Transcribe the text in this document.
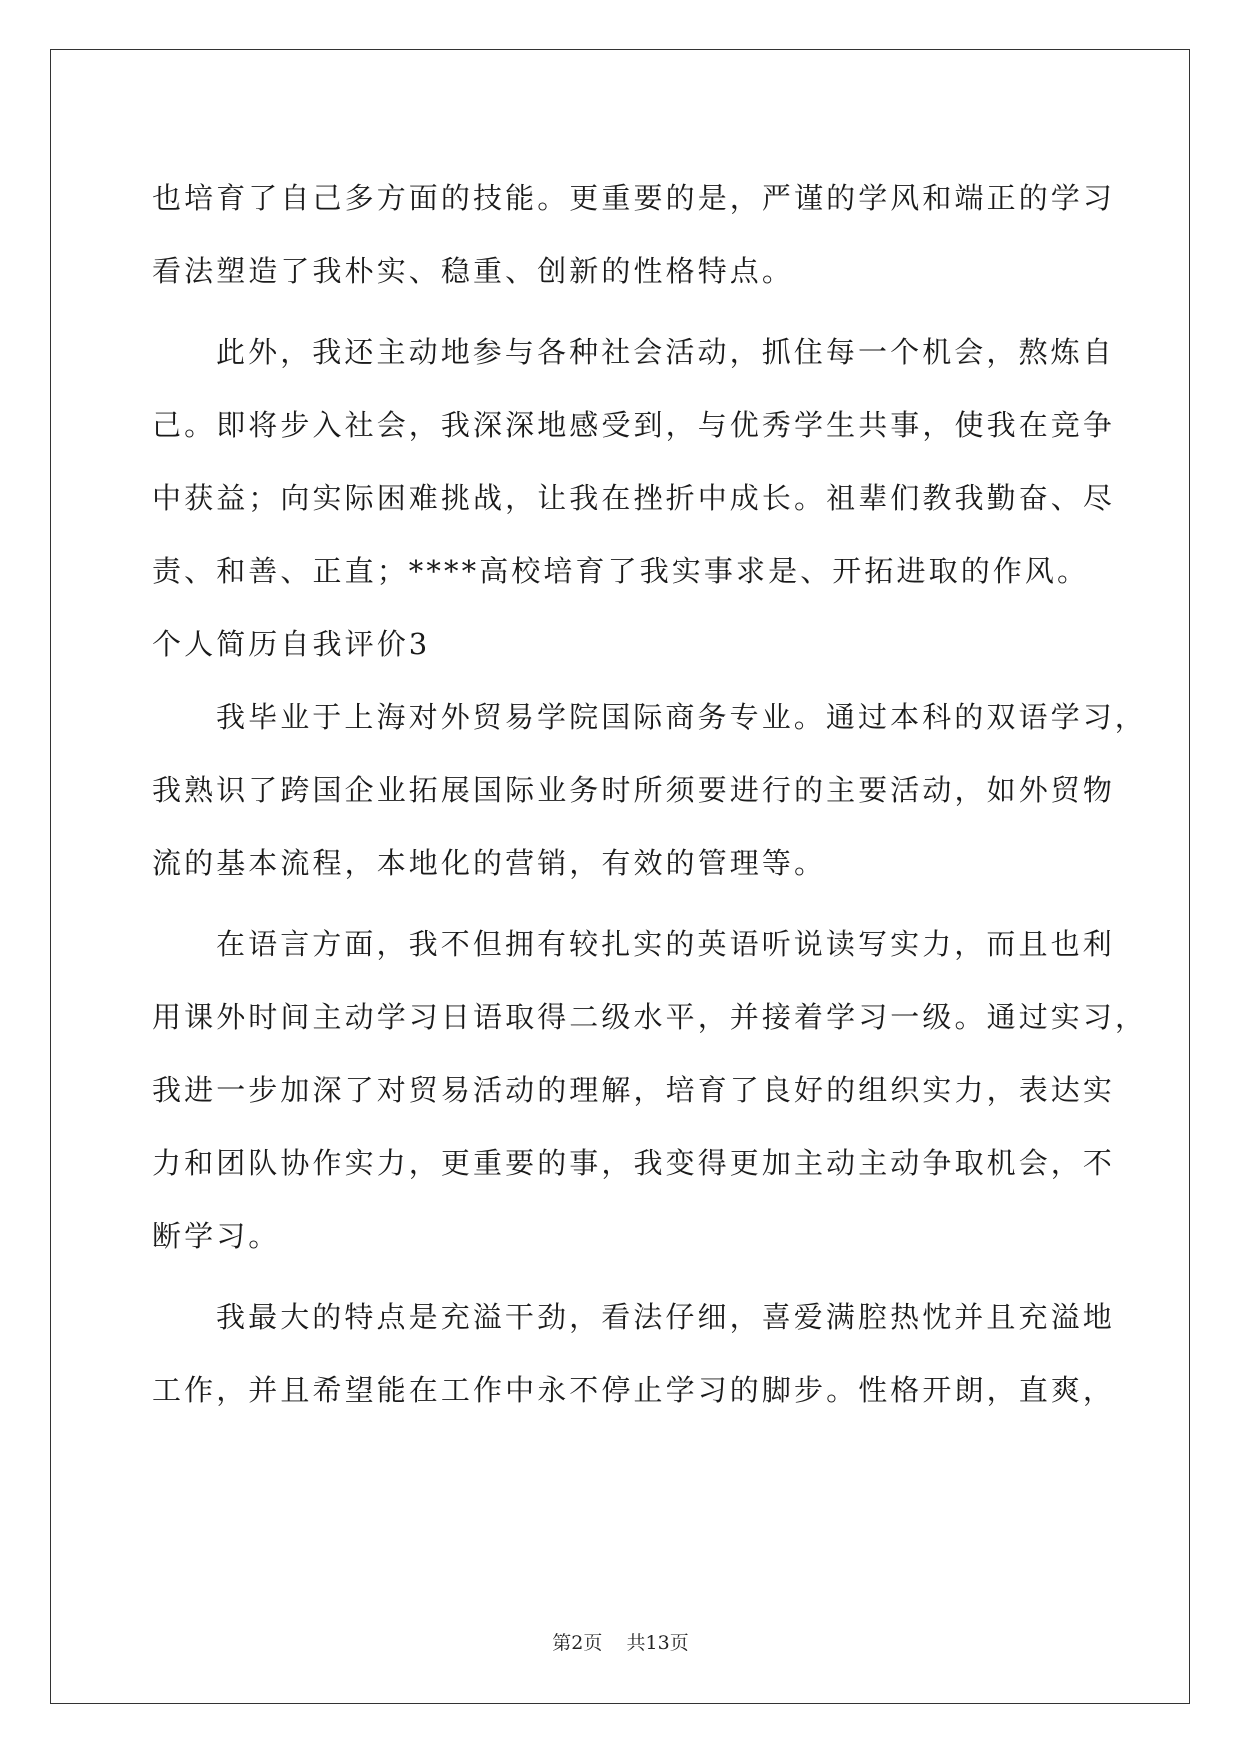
也培育了自己多方面的技能。更重要的是，严谨的学风和端正的学习
看法塑造了我朴实、稳重、创新的性格特点。
此外，我还主动地参与各种社会活动，抓住每一个机会，熬炼自
己。即将步入社会，我深深地感受到，与优秀学生共事，使我在竞争
中获益；向实际困难挑战，让我在挫折中成长。祖辈们教我勤奋、尽
责、和善、正直；****高校培育了我实事求是、开拓进取的作风。
个人简历自我评价3
我毕业于上海对外贸易学院国际商务专业。通过本科的双语学习，
我熟识了跨国企业拓展国际业务时所须要进行的主要活动，如外贸物
流的基本流程，本地化的营销，有效的管理等。
在语言方面，我不但拥有较扎实的英语听说读写实力，而且也利
用课外时间主动学习日语取得二级水平，并接着学习一级。通过实习，
我进一步加深了对贸易活动的理解，培育了良好的组织实力，表达实
力和团队协作实力，更重要的事，我变得更加主动主动争取机会，不
断学习。
我最大的特点是充溢干劲，看法仔细，喜爱满腔热忱并且充溢地
工作，并且希望能在工作中永不停止学习的脚步。性格开朗，直爽，
第2页    共13页
